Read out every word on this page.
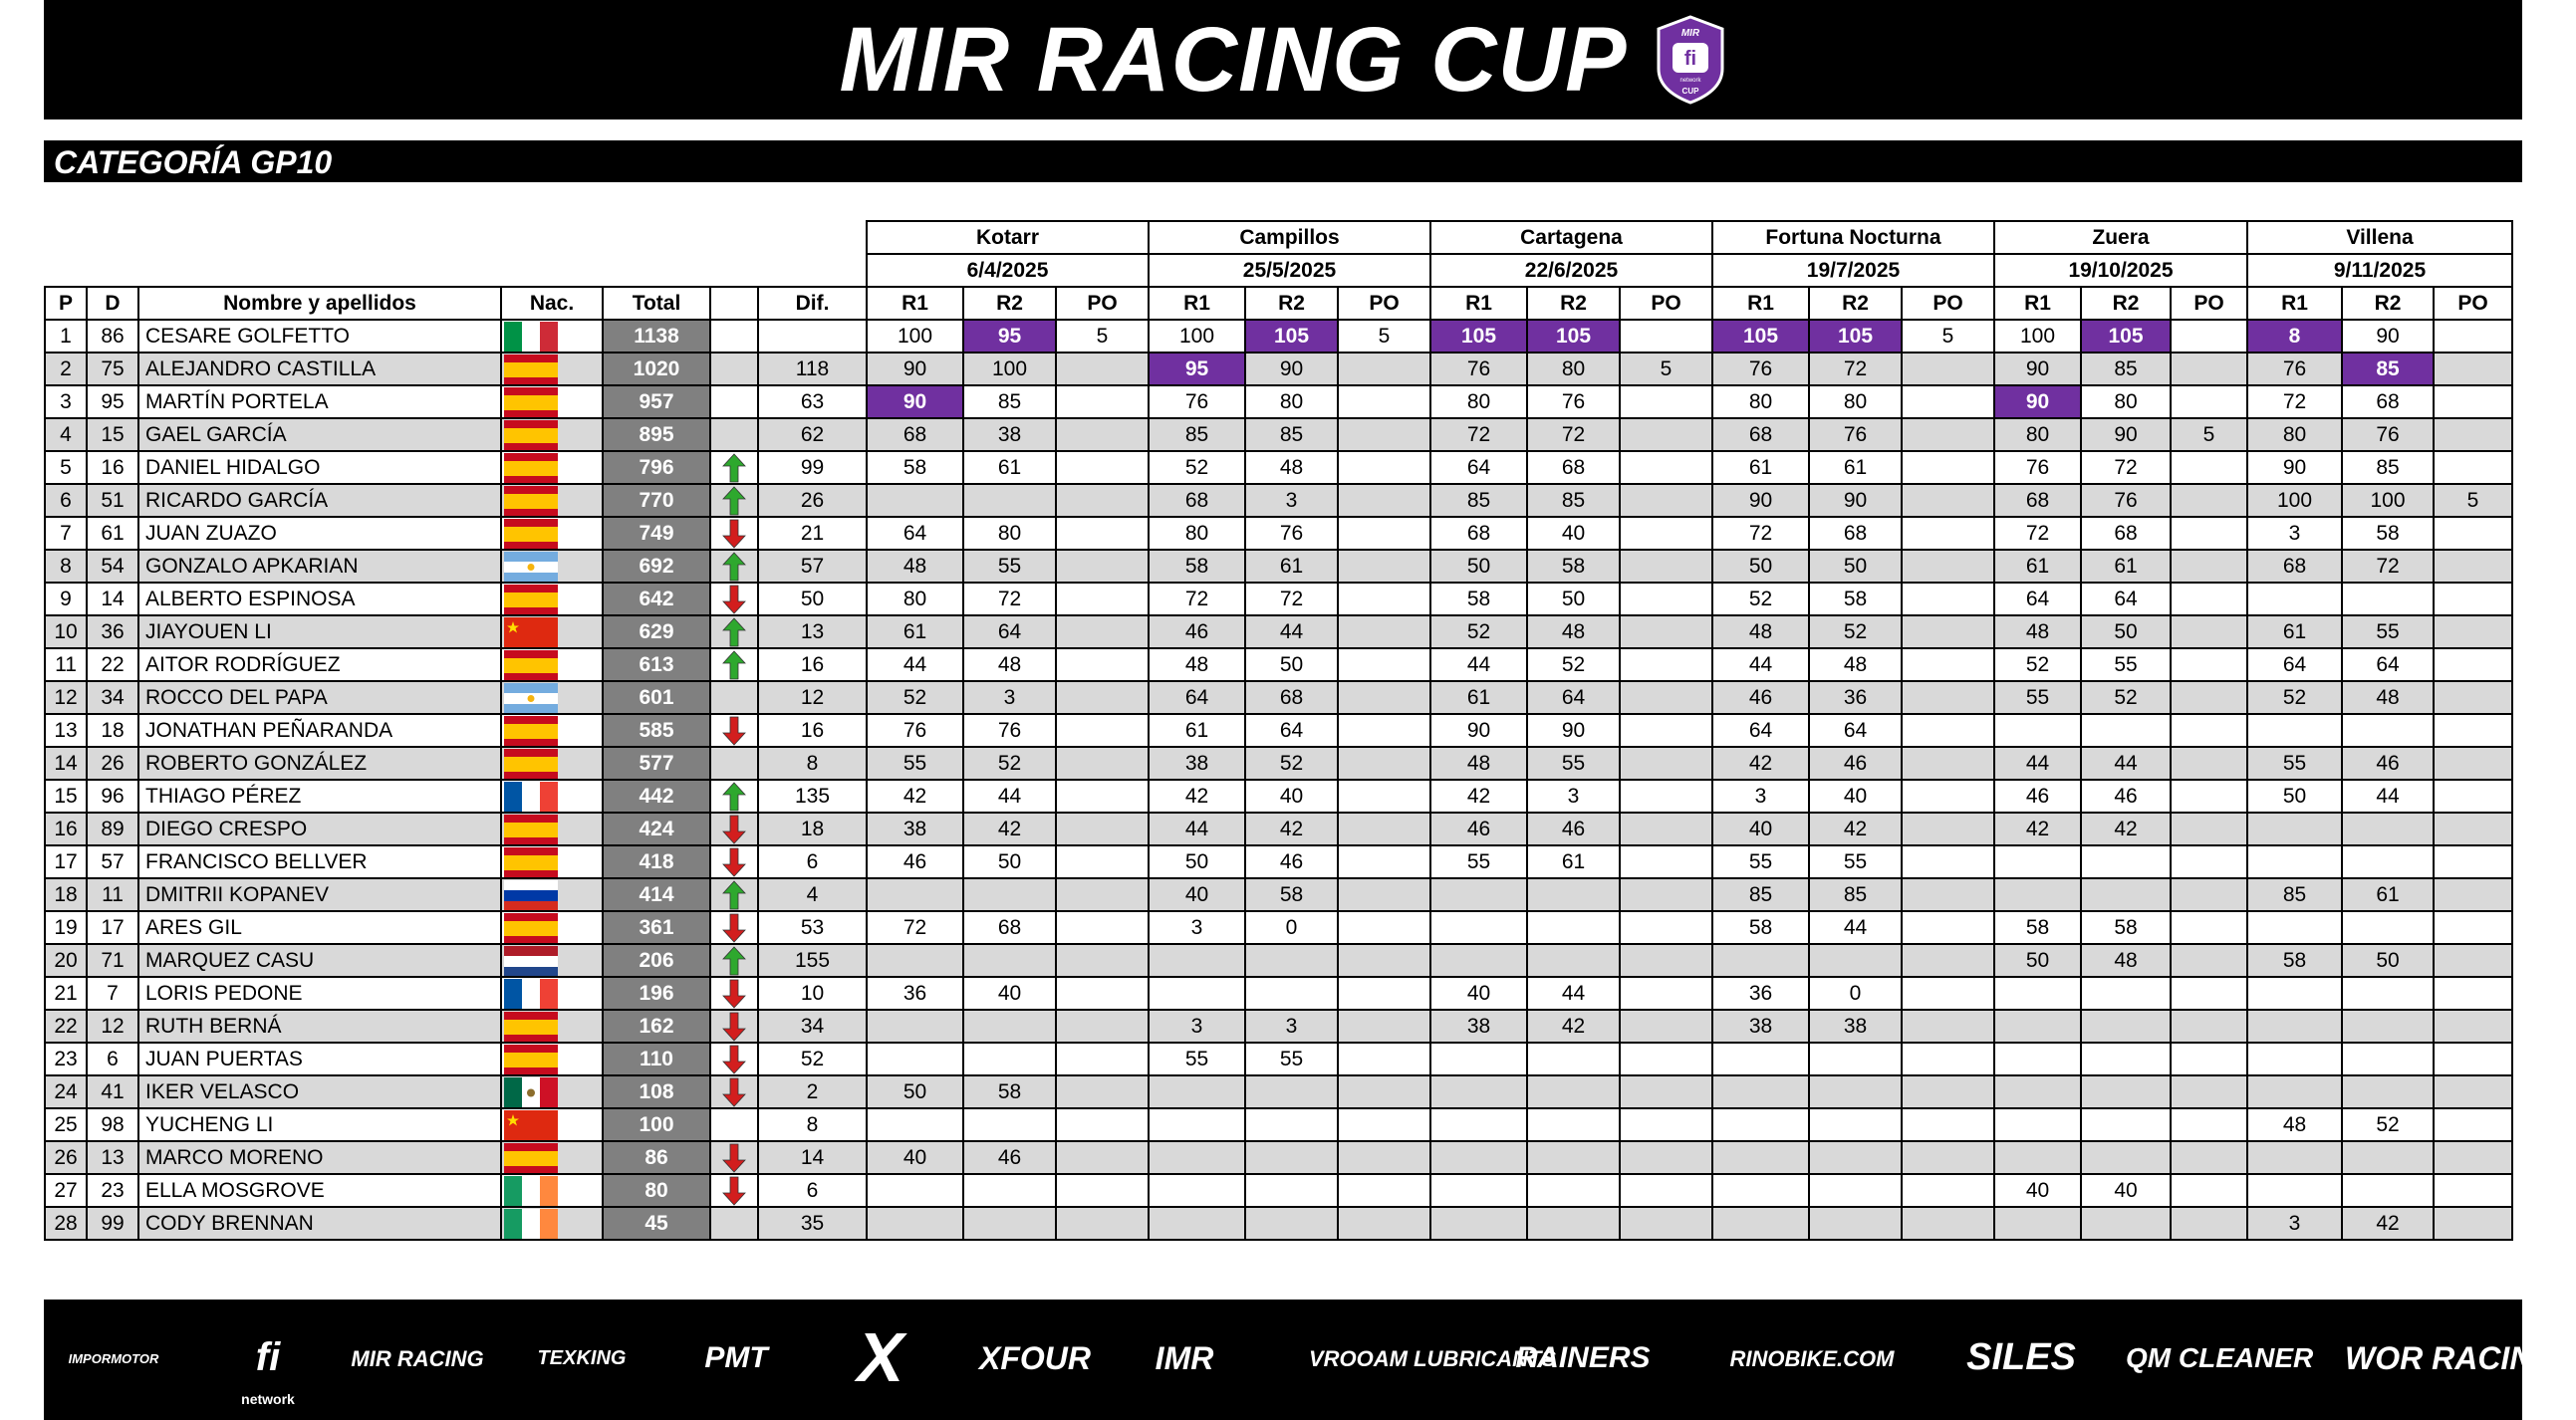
MIR RACING CUP	fi
MIR
network
CUP
CATEGORÍA GP10
							Kotarr			Campillos			Cartagena			Fortuna Nocturna			Zuera			Villena		
							6/4/2025			25/5/2025			22/6/2025			19/7/2025			19/10/2025			9/11/2025		
P	D	Nombre y apellidos	Nac.	Total		Dif.	R1	R2	PO	R1	R2	PO	R1	R2	PO	R1	R2	PO	R1	R2	PO	R1	R2	PO
1	86	CESARE GOLFETTO		1138			100	95	5	100	105	5	105	105		105	105	5	100	105		8	90	
2	75	ALEJANDRO CASTILLA		1020		118	90	100		95	90		76	80	5	76	72		90	85		76	85	
3	95	MARTÍN PORTELA		957		63	90	85		76	80		80	76		80	80		90	80		72	68	
4	15	GAEL GARCÍA		895		62	68	38		85	85		72	72		68	76		80	90	5	80	76	
5	16	DANIEL HIDALGO		796		99	58	61		52	48		64	68		61	61		76	72		90	85	
6	51	RICARDO GARCÍA		770		26				68	3		85	85		90	90		68	76		100	100	5
7	61	JUAN ZUAZO		749		21	64	80		80	76		68	40		72	68		72	68		3	58	
8	54	GONZALO APKARIAN		692		57	48	55		58	61		50	58		50	50		61	61		68	72	
9	14	ALBERTO ESPINOSA		642		50	80	72		72	72		58	50		52	58		64	64				
10	36	JIAYOUEN LI		629		13	61	64		46	44		52	48		48	52		48	50		61	55	
11	22	AITOR RODRÍGUEZ		613		16	44	48		48	50		44	52		44	48		52	55		64	64	
12	34	ROCCO DEL PAPA		601		12	52	3		64	68		61	64		46	36		55	52		52	48	
13	18	JONATHAN PEÑARANDA		585		16	76	76		61	64		90	90		64	64							
14	26	ROBERTO GONZÁLEZ		577		8	55	52		38	52		48	55		42	46		44	44		55	46	
15	96	THIAGO PÉREZ		442		135	42	44		42	40		42	3		3	40		46	46		50	44	
16	89	DIEGO CRESPO		424		18	38	42		44	42		46	46		40	42		42	42				
17	57	FRANCISCO BELLVER		418		6	46	50		50	46		55	61		55	55							
18	11	DMITRII KOPANEV		414		4				40	58					85	85					85	61	
19	17	ARES GIL		361		53	72	68		3	0					58	44		58	58				
20	71	MARQUEZ CASU		206		155													50	48		58	50	
21	7	LORIS PEDONE		196		10	36	40					40	44		36	0							
22	12	RUTH BERNÁ		162		34				3	3		38	42		38	38							
23	6	JUAN PUERTAS		110		52				55	55													
24	41	IKER VELASCO		108		2	50	58																
25	98	YUCHENG LI		100		8																48	52	
26	13	MARCO MORENO		86		14	40	46																
27	23	ELLA MOSGROVE		80		6													40	40				
28	99	CODY BRENNAN		45		35																3	42	
IMPORMOTOR	fi
network
MIR RACING	TEXKING	PMT	X	XFOUR	IMR	VROOAM LUBRICANTS
RAINERS	RINOBIKE.COM	SILES	QM CLEANER WOR RACING
